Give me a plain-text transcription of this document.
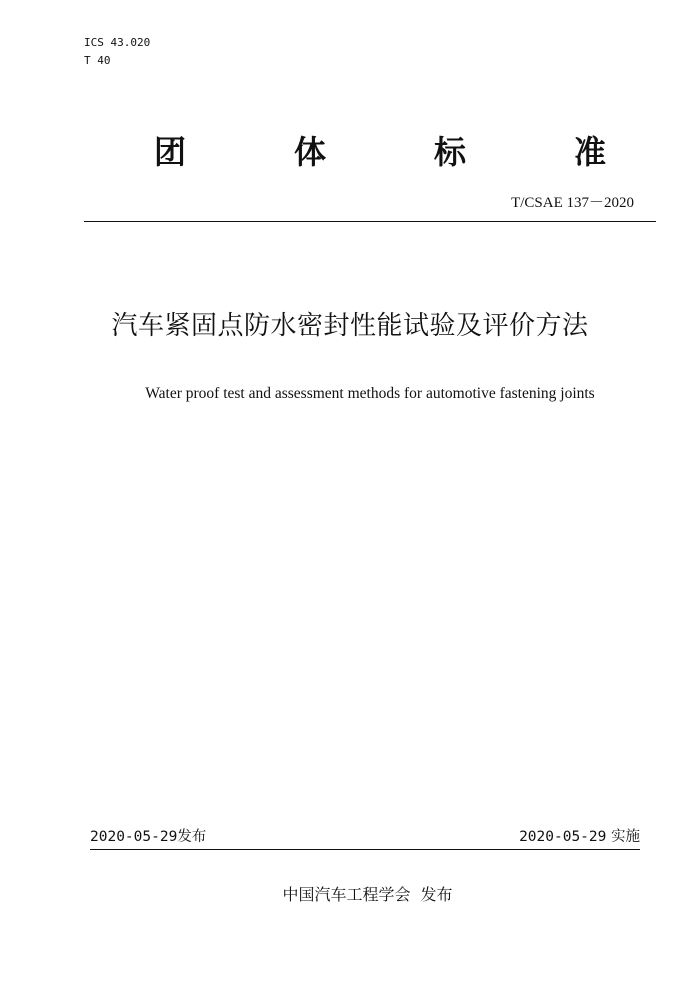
ICS 43.020
T 40
团	体	标	准
T/CSAE 137－2020
汽车紧固点防水密封性能试验及评价方法
Water proof test and assessment methods for automotive fastening joints
2020-05-29发布	2020-05-29 实施
中国汽车工程学会 发布
